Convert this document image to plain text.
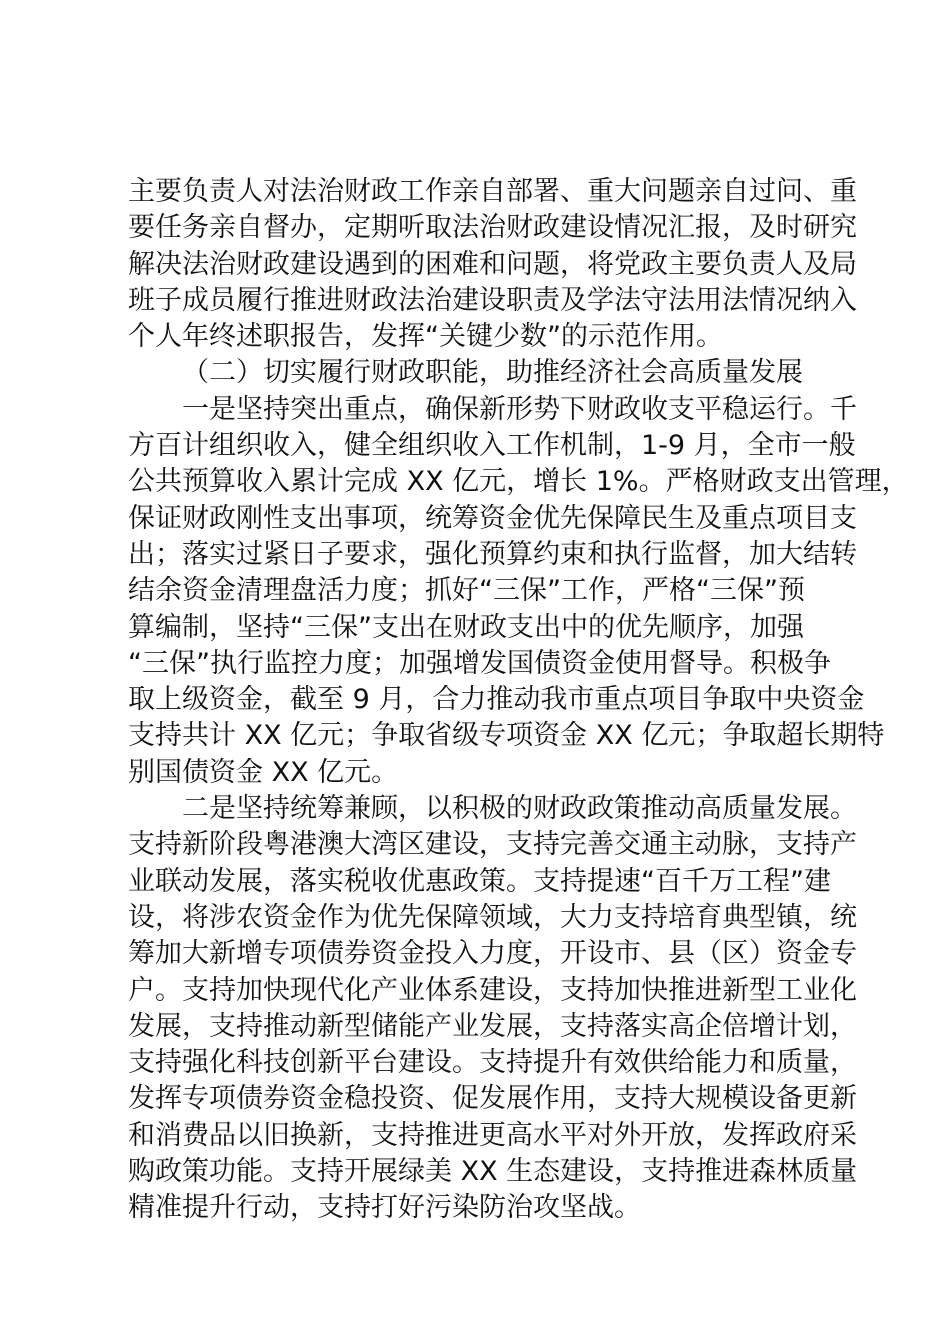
主要负责人对法治财政工作亲自部署、重大问题亲自过问、重
要任务亲自督办，定期听取法治财政建设情况汇报，及时研究
解决法治财政建设遇到的困难和问题，将党政主要负责人及局
班子成员履行推进财政法治建设职责及学法守法用法情况纳入
个人年终述职报告，发挥“关键少数”的示范作用。
（二）切实履行财政职能，助推经济社会高质量发展
一是坚持突出重点，确保新形势下财政收支平稳运行。千
方百计组织收入，健全组织收入工作机制，1-9 月，全市一般
公共预算收入累计完成 XX 亿元，增长 1%。严格财政支出管理，
保证财政刚性支出事项，统筹资金优先保障民生及重点项目支
出；落实过紧日子要求，强化预算约束和执行监督，加大结转
结余资金清理盘活力度；抓好“三保”工作，严格“三保”预
算编制，坚持“三保”支出在财政支出中的优先顺序，加强
“三保”执行监控力度；加强增发国债资金使用督导。积极争
取上级资金，截至 9 月，合力推动我市重点项目争取中央资金
支持共计 XX 亿元；争取省级专项资金 XX 亿元；争取超长期特
别国债资金 XX 亿元。
二是坚持统筹兼顾，以积极的财政政策推动高质量发展。
支持新阶段粤港澳大湾区建设，支持完善交通主动脉，支持产
业联动发展，落实税收优惠政策。支持提速“百千万工程”建
设，将涉农资金作为优先保障领域，大力支持培育典型镇，统
筹加大新增专项债券资金投入力度，开设市、县（区）资金专
户。支持加快现代化产业体系建设，支持加快推进新型工业化
发展，支持推动新型储能产业发展，支持落实高企倍增计划，
支持强化科技创新平台建设。支持提升有效供给能力和质量，
发挥专项债券资金稳投资、促发展作用，支持大规模设备更新
和消费品以旧换新，支持推进更高水平对外开放，发挥政府采
购政策功能。支持开展绿美 XX 生态建设，支持推进森林质量
精准提升行动，支持打好污染防治攻坚战。
